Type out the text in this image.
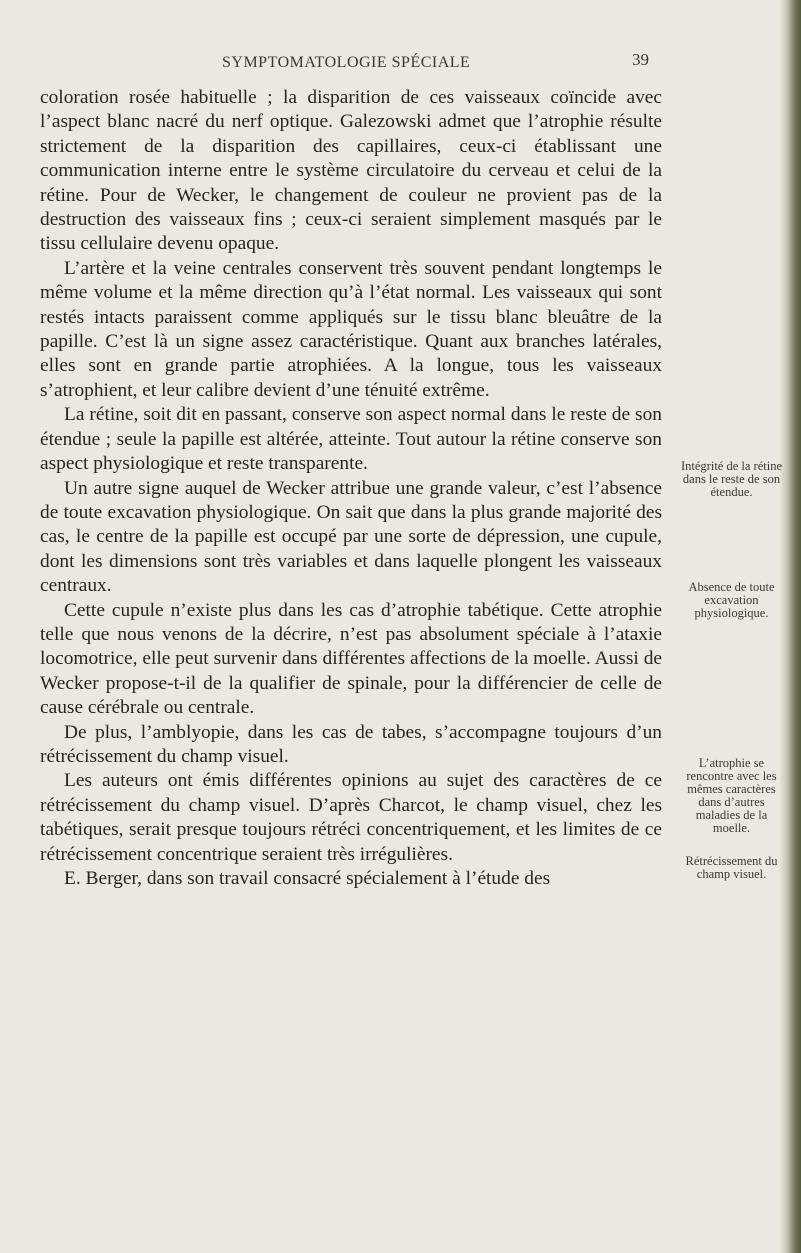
SYMPTOMATOLOGIE SPÉCIALE	39

coloration rosée habituelle ; la disparition de ces vaisseaux coïncide avec l’aspect blanc nacré du nerf optique. Galezowski admet que l’atrophie résulte strictement de la disparition des capillaires, ceux-ci établissant une communication interne entre le système circulatoire du cerveau et celui de la rétine. Pour de Wecker, le changement de couleur ne provient pas de la destruction des vaisseaux fins ; ceux-ci seraient simplement masqués par le tissu cellulaire devenu opaque.

L’artère et la veine centrales conservent très souvent pendant longtemps le même volume et la même direction qu’à l’état normal. Les vaisseaux qui sont restés intacts paraissent comme appliqués sur le tissu blanc bleuâtre de la papille. C’est là un signe assez caractéristique. Quant aux branches latérales, elles sont en grande partie atrophiées. A la longue, tous les vaisseaux s’atrophient, et leur calibre devient d’une ténuité extrême.

La rétine, soit dit en passant, conserve son aspect normal dans le reste de son étendue ; seule la papille est altérée, atteinte. Tout autour la rétine conserve son aspect physiologique et reste transparente.

Un autre signe auquel de Wecker attribue une grande valeur, c’est l’absence de toute excavation physiologique. On sait que dans la plus grande majorité des cas, le centre de la papille est occupé par une sorte de dépression, une cupule, dont les dimensions sont très variables et dans laquelle plongent les vaisseaux centraux.

Cette cupule n’existe plus dans les cas d’atrophie tabétique. Cette atrophie telle que nous venons de la décrire, n’est pas absolument spéciale à l’ataxie locomotrice, elle peut survenir dans différentes affections de la moelle. Aussi de Wecker propose-t-il de la qualifier de spinale, pour la différencier de celle de cause cérébrale ou centrale.

De plus, l’amblyopie, dans les cas de tabes, s’accompagne toujours d’un rétrécissement du champ visuel.

Les auteurs ont émis différentes opinions au sujet des caractères de ce rétrécissement du champ visuel. D’après Charcot, le champ visuel, chez les tabétiques, serait presque toujours rétréci concentriquement, et les limites de ce rétrécissement concentrique seraient très irrégulières.

E. Berger, dans son travail consacré spécialement à l’étude des

Intégrité de la rétine dans le reste de son étendue.
Absence de toute excavation physiologique.
L’atrophie se rencontre avec les mêmes caractères dans d’autres maladies de la moelle.
Rétrécissement du champ visuel.
